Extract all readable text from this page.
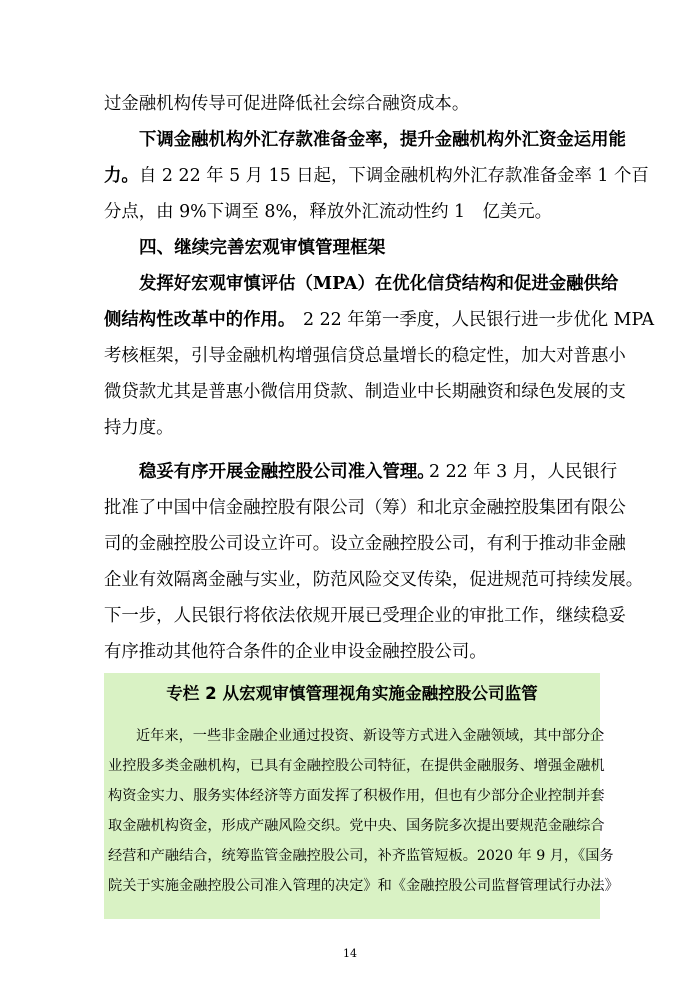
过金融机构传导可促进降低社会综合融资成本。
下调金融机构外汇存款准备金率，提升金融机构外汇资金运用能
力。 自 2 22 年 5 月 15 日起，下调金融机构外汇存款准备金率 1 个百
分点，由 9%下调至 8%，释放外汇流动性约 1　亿美元。
四、继续完善宏观审慎管理框架
发挥好宏观审慎评估（MPA）在优化信贷结构和促进金融供给
侧结构性改革中的作用。 2 22 年第一季度，人民银行进一步优化 MPA
考核框架，引导金融机构增强信贷总量增长的稳定性，加大对普惠小
微贷款尤其是普惠小微信用贷款、制造业中长期融资和绿色发展的支
持力度。
稳妥有序开展金融控股公司准入管理。
2 22 年 3 月，人民银行
批准了中国中信金融控股有限公司（筹）和北京金融控股集团有限公
司的金融控股公司设立许可。设立金融控股公司，有利于推动非金融
企业有效隔离金融与实业，防范风险交叉传染，促进规范可持续发展。
下一步，人民银行将依法依规开展已受理企业的审批工作，继续稳妥
有序推动其他符合条件的企业申设金融控股公司。
专栏 2 从宏观审慎管理视角实施金融控股公司监管
近年来，一些非金融企业通过投资、新设等方式进入金融领域，其中部分企
业控股多类金融机构，已具有金融控股公司特征，在提供金融服务、增强金融机
构资金实力、服务实体经济等方面发挥了积极作用，但也有少部分企业控制并套
取金融机构资金，形成产融风险交织。党中央、国务院多次提出要规范金融综合
经营和产融结合，统筹监管金融控股公司，补齐监管短板。2020 年 9 月，《国务
院关于实施金融控股公司准入管理的决定》和《金融控股公司监督管理试行办法》
14
